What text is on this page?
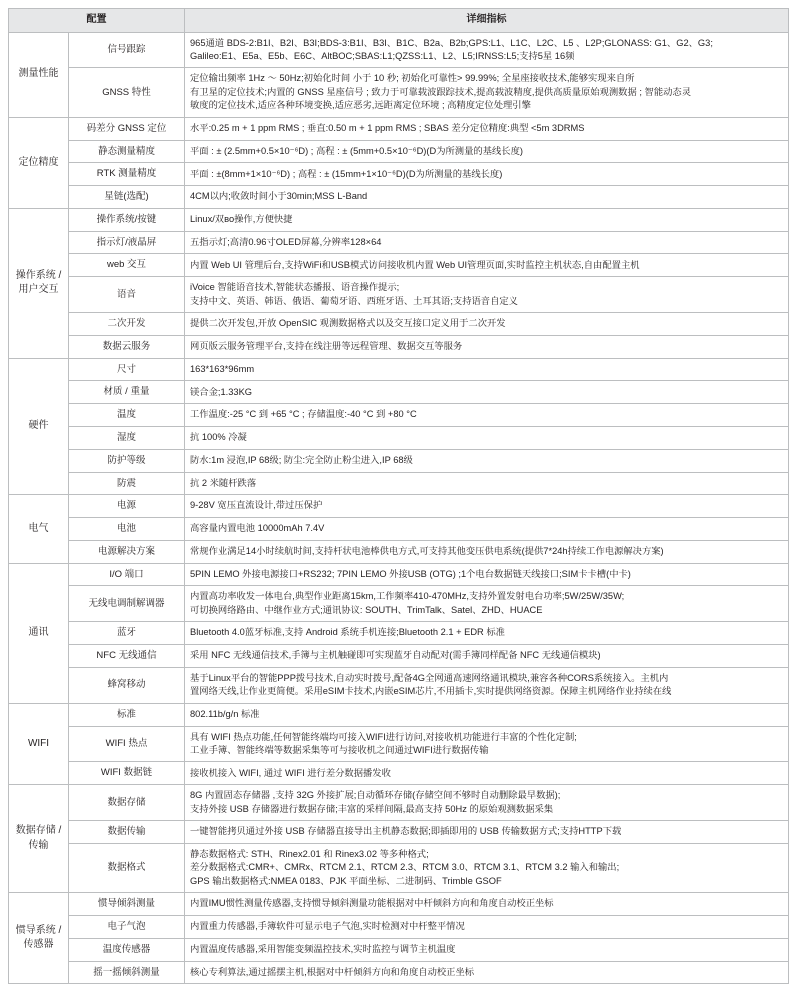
配置		详细指标
测量性能	信号跟踪	965通道 BDS-2:B1I、B2I、B3I;BDS-3:B1I、B3I、B1C、B2a、B2b;GPS:L1、L1C、L2C、L5 、L2P;GLONASS: G1、G2、G3;
Galileo:E1、E5a、E5b、E6C、AltBOC;SBAS:L1;QZSS:L1、L2、L5;IRNSS:L5;支持5星 16频

	GNSS 特性	定位输出频率 1Hz ～ 50Hz;初始化时间 小于 10 秒; 初始化可靠性> 99.99%; 全星座接收技术,能够实现来自所
有卫星的定位技术;内置的 GNSS 星座信号 ; 致力于可靠载波跟踪技术,提高载波精度,提供高质量原始观测数据 ; 智能动态灵
敏度的定位技术,适应各种环境变换,适应恶劣,远距离定位环境 ; 高精度定位处理引擎

定位精度	码差分 GNSS 定位	水平:0.25 m + 1 ppm RMS ; 垂直:0.50 m + 1 ppm RMS ; SBAS 差分定位精度:典型 <5m 3DRMS

	静态测量精度	平面 : ± (2.5mm+0.5×10⁻⁶D) ; 高程 : ± (5mm+0.5×10⁻⁶D)(D为所测量的基线长度)

	RTK 测量精度	平面 : ±(8mm+1×10⁻⁶D) ; 高程 : ± (15mm+1×10⁻⁶D)(D为所测量的基线长度)

	星链(选配)	4CM以内;收敛时间小于30min;MSS L-Band

操作系统 / 用户交互	操作系统/按键	Linux/双во操作,方便快捷

	指示灯/液晶屏	五指示灯;高清0.96寸OLED屏幕,分辨率128×64

	web 交互	内置 Web UI 管理后台,支持WiFi和USB模式访问接收机内置 Web UI管理页面,实时监控主机状态,自由配置主机

	语音	iVoice 智能语音技术,智能状态播报、语音操作提示;
支持中文、英语、韩语、俄语、葡萄牙语、西班牙语、土耳其语;支持语音自定义

	二次开发	提供二次开发包,开放 OpenSIC 观测数据格式以及交互接口定义用于二次开发

	数据云服务	网页版云服务管理平台,支持在线注册等远程管理、数据交互等服务

硬件	尺寸	163*163*96mm

	材质 / 重量	镁合金;1.33KG

	温度	工作温度:-25 °C 到 +65 °C ; 存储温度:-40 °C 到 +80 °C

	湿度	抗 100% 冷凝

	防护等级	防水:1m 浸泡,IP 68级; 防尘:完全防止粉尘进入,IP 68级

	防震	抗 2 米随杆跌落

电气	电源	9-28V 宽压直流设计,带过压保护

	电池	高容量内置电池 10000mAh 7.4V

	电源解决方案	常规作业满足14小时续航时间,支持杆状电池棒供电方式,可支持其他变压供电系统(提供7*24h持续工作电源解决方案)

通讯	I/O 端口	5PIN LEMO 外接电源接口+RS232; 7PIN LEMO 外接USB (OTG) ;1个电台数据链天线接口;SIM卡卡槽(中卡)

	无线电调制解调器	内置高功率收发一体电台,典型作业距离15km,工作频率410-470MHz,支持外置发射电台功率;5W/25W/35W;
可切换网络路由、中继作业方式;通讯协议: SOUTH、TrimTalk、Satel、ZHD、HUACE

	蓝牙	Bluetooth 4.0蓝牙标准,支持 Android 系统手机连接;Bluetooth 2.1 + EDR 标准

	NFC 无线通信	采用 NFC 无线通信技术,手簿与主机触碰即可实现蓝牙自动配对(需手簿同样配备 NFC 无线通信模块)

	蜂窝移动	基于Linux平台的智能PPP拨号技术,自动实时拨号,配备4G全网通高速网络通讯模块,兼容各种CORS系统接入。主机内
置网络天线,让作业更简便。采用eSIM卡技术,内嵌eSIM芯片,不用插卡,实时提供网络资源。保障主机网络作业持续在线

WIFI	标准	802.11b/g/n 标准

	WIFI 热点	具有 WIFI 热点功能,任何智能终端均可接入WIFI进行访问,对接收机功能进行丰富的个性化定制;
工业手簿、智能终端等数据采集等可与接收机之间通过WIFI进行数据传输

	WIFI 数据链	接收机接入 WIFI, 通过 WIFI 进行差分数据播发收

数据存储 / 传输	数据存储	8G 内置固态存储器 ,支持 32G 外接扩展;自动循环存储(存储空间不够时自动删除最早数据);
支持外接 USB 存储器进行数据存储;丰富的采样间隔,最高支持 50Hz 的原始观测数据采集

	数据传输	一键智能拷贝通过外接 USB 存储器直接导出主机静态数据;即插即用的 USB 传输数据方式;支持HTTP下载

	数据格式	静态数据格式: STH、Rinex2.01 和 Rinex3.02 等多种格式;
差分数据格式:CMR+、CMRx、RTCM 2.1、RTCM 2.3、RTCM 3.0、RTCM 3.1、RTCM 3.2 输入和输出;
GPS 输出数据格式:NMEA 0183、PJK 平面坐标、二进制码、Trimble GSOF

惯导系统 / 传感器	惯导倾斜测量	内置IMU惯性测量传感器,支持惯导倾斜测量功能根据对中杆倾斜方向和角度自动校正坐标

	电子气泡	内置重力传感器,手簿软件可显示电子气泡,实时检测对中杆整平情况

	温度传感器	内置温度传感器,采用智能变频温控技术,实时监控与调节主机温度

	摇一摇倾斜测量	核心专利算法,通过摇摆主机,根据对中杆倾斜方向和角度自动校正坐标
